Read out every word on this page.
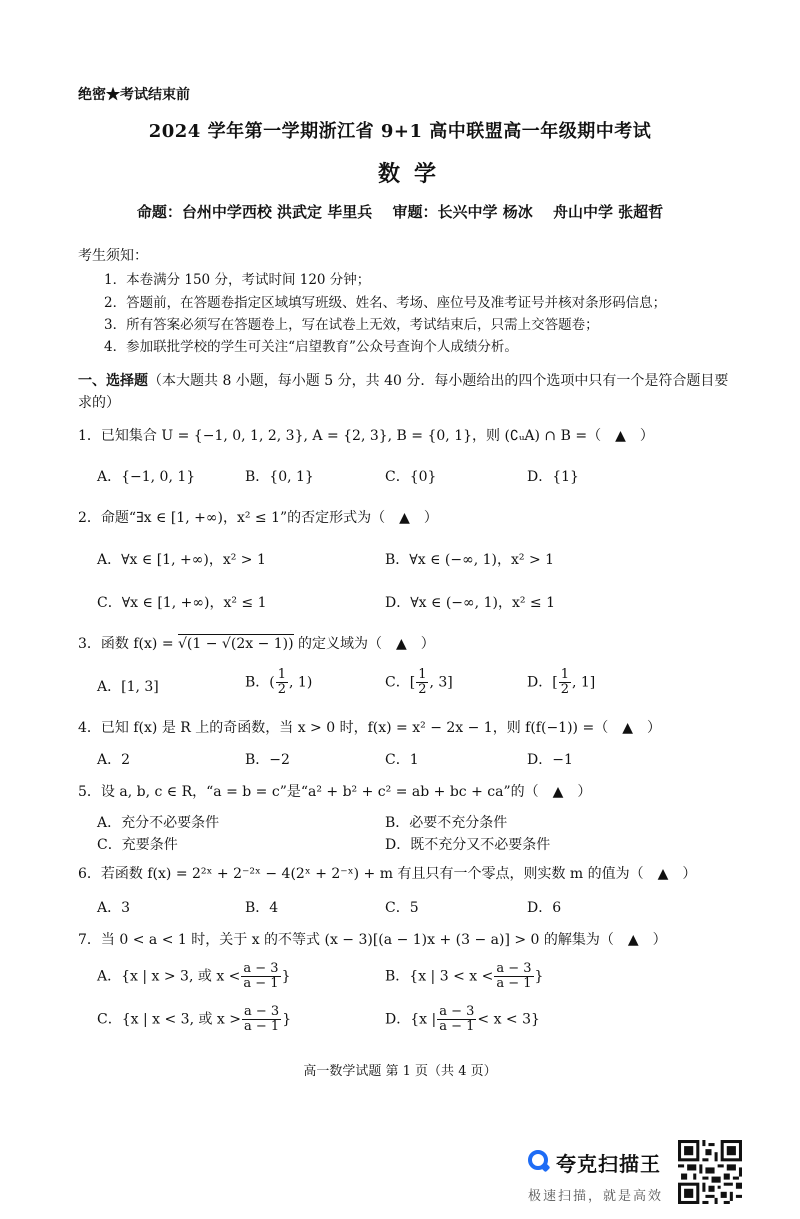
绝密★考试结束前
2024 学年第一学期浙江省 9+1 高中联盟高一年级期中考试
数学
命题：台州中学西校 洪武定 毕里兵　 审题：长兴中学 杨冰　 舟山中学 张超哲
考生须知：
1．本卷满分 150 分，考试时间 120 分钟；
2．答题前，在答题卷指定区域填写班级、姓名、考场、座位号及准考证号并核对条形码信息；
3．所有答案必须写在答题卷上，写在试卷上无效，考试结束后，只需上交答题卷；
4．参加联批学校的学生可关注“启望教育”公众号查询个人成绩分析。
一、选择题（本大题共 8 小题，每小题 5 分，共 40 分．每小题给出的四个选项中只有一个是符合题目要求的）
1．已知集合 U = {−1, 0, 1, 2, 3}, A = {2, 3}, B = {0, 1}，则 (∁ᵤA) ∩ B =（　▲　）
A．{−1, 0, 1}	B．{0, 1}	C．{0}	D．{1}
2．命题“∃x ∈ [1, +∞)，x² ≤ 1”的否定形式为（　▲　）
A．∀x ∈ [1, +∞)，x² > 1	B．∀x ∈ (−∞, 1)，x² > 1
C．∀x ∈ [1, +∞)，x² ≤ 1	D．∀x ∈ (−∞, 1)，x² ≤ 1
3．函数 f(x) = √(1 − √(2x − 1)) 的定义域为（　▲　）
A．[1, 3]	B．( $\frac{1}{2}$ , 1)	C．[ $\frac{1}{2}$ , 3]	D．[ $\frac{1}{2}$ , 1]
4．已知 f(x) 是 R 上的奇函数，当 x > 0 时，f(x) = x² − 2x − 1，则 f(f(−1)) =（　▲　）
A．2	B．−2	C．1	D．−1
5．设 a, b, c ∈ R，“a = b = c”是“a² + b² + c² = ab + bc + ca”的（　▲　）
A．充分不必要条件	B．必要不充分条件
C．充要条件	D．既不充分又不必要条件
6．若函数 f(x) = 2²ˣ + 2⁻²ˣ − 4(2ˣ + 2⁻ˣ) + m 有且只有一个零点，则实数 m 的值为（　▲　）
A．3	B．4	C．5	D．6
7．当 0 < a < 1 时，关于 x 的不等式 (x − 3)[(a − 1)x + (3 − a)] > 0 的解集为（　▲　）
A．{x | x > 3, 或 $x < \frac{a - 3}{a - 1}$ }	B．{x | $3 < x < \frac{a - 3}{a - 1}$ }
C．{x | x < 3, 或 $x > \frac{a - 3}{a - 1}$ }	D．{x | $\frac{a - 3}{a - 1} < x < 3$}
高一数学试题 第 1 页（共 4 页）
夸克扫描王
极速扫描，就是高效
